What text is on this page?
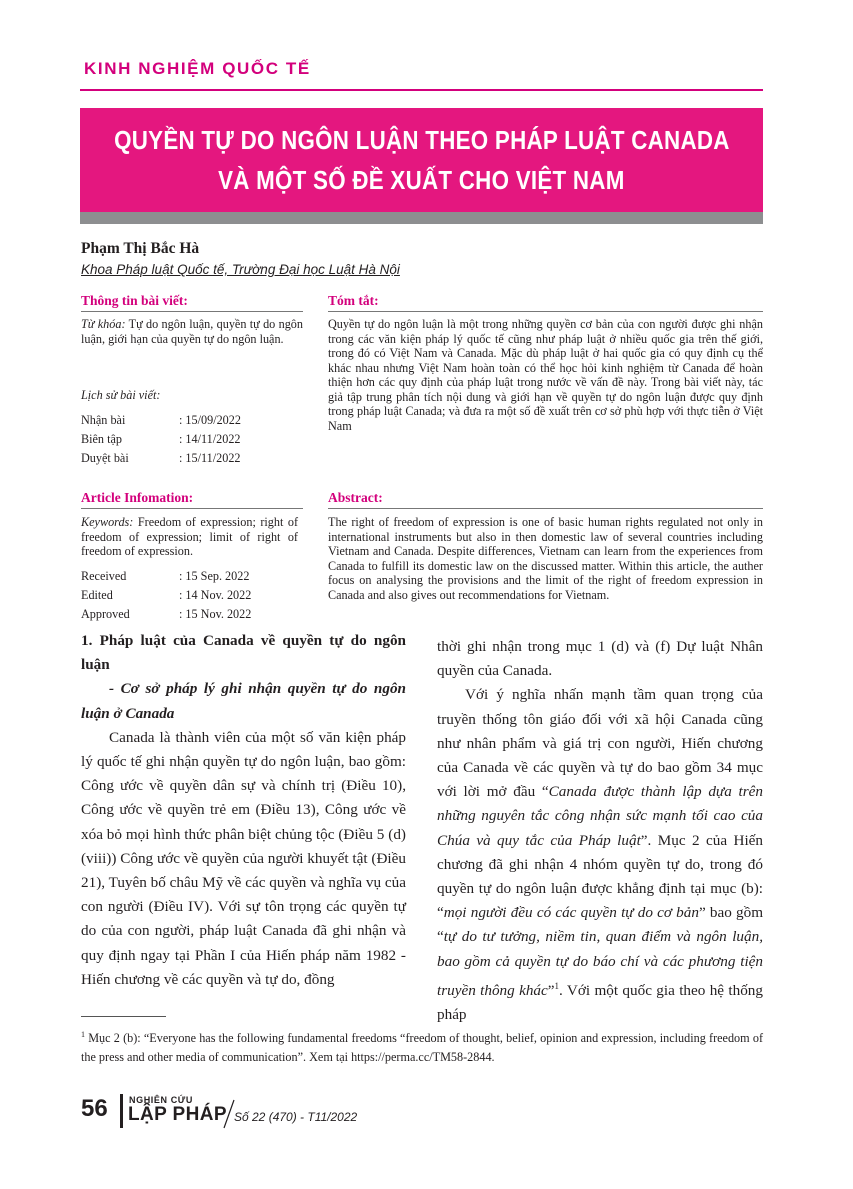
KINH NGHIỆM QUỐC TẾ
QUYỀN TỰ DO NGÔN LUẬN THEO PHÁP LUẬT CANADA
VÀ MỘT SỐ ĐỀ XUẤT CHO VIỆT NAM
Phạm Thị Bắc Hà
Khoa Pháp luật Quốc tế, Trường Đại học Luật Hà Nội
Thông tin bài viết:
Từ khóa: Tự do ngôn luận, quyền tự do ngôn luận, giới hạn của quyền tự do ngôn luận.
Lịch sử bài viết:
Nhận bài	: 15/09/2022
Biên tập	: 14/11/2022
Duyệt bài	: 15/11/2022
Tóm tắt:
Quyền tự do ngôn luận là một trong những quyền cơ bản của con người được ghi nhận trong các văn kiện pháp lý quốc tế cũng như pháp luật ở nhiều quốc gia trên thế giới, trong đó có Việt Nam và Canada. Mặc dù pháp luật ở hai quốc gia có quy định cụ thể khác nhau nhưng Việt Nam hoàn toàn có thể học hỏi kinh nghiệm từ Canada để hoàn thiện hơn các quy định của pháp luật trong nước về vấn đề này. Trong bài viết này, tác giả tập trung phân tích nội dung và giới hạn về quyền tự do ngôn luận được quy định trong pháp luật Canada; và đưa ra một số đề xuất trên cơ sở phù hợp với thực tiễn ở Việt Nam
Article Infomation:
Keywords: Freedom of expression; right of freedom of expression; limit of right of freedom of expression.
Received	: 15 Sep. 2022
Edited	: 14 Nov. 2022
Approved	: 15 Nov. 2022
Abstract:
The right of freedom of expression is one of basic human rights regulated not only in international instruments but also in then domestic law of several countries including Vietnam and Canada. Despite differences, Vietnam can learn from the experiences from Canada to fulfill its domestic law on the discussed matter. Within this article, the auther focus on analysing the provisions and the limit of the right of freedom expression in Canada and also gives out recommendations for Vietnam.

1. Pháp luật của Canada về quyền tự do ngôn luận

- Cơ sở pháp lý ghi nhận quyền tự do ngôn luận ở Canada

Canada là thành viên của một số văn kiện pháp lý quốc tế ghi nhận quyền tự do ngôn luận, bao gồm: Công ước về quyền dân sự và chính trị (Điều 10), Công ước về quyền trẻ em (Điều 13), Công ước về xóa bỏ mọi hình thức phân biệt chủng tộc (Điều 5 (d) (viii)) Công ước về quyền của người khuyết tật (Điều 21), Tuyên bố châu Mỹ về các quyền và nghĩa vụ của con người (Điều IV). Với sự tôn trọng các quyền tự do của con người, pháp luật Canada đã ghi nhận và quy định ngay tại Phần I của Hiến pháp năm 1982 - Hiến chương về các quyền và tự do, đồng

thời ghi nhận trong mục 1 (d) và (f) Dự luật Nhân quyền của Canada.

Với ý nghĩa nhấn mạnh tầm quan trọng của truyền thống tôn giáo đối với xã hội Canada cũng như nhân phẩm và giá trị con người, Hiến chương của Canada về các quyền và tự do bao gồm 34 mục với lời mở đầu “Canada được thành lập dựa trên những nguyên tắc công nhận sức mạnh tối cao của Chúa và quy tắc của Pháp luật”. Mục 2 của Hiến chương đã ghi nhận 4 nhóm quyền tự do, trong đó quyền tự do ngôn luận được khẳng định tại mục (b): “mọi người đều có các quyền tự do cơ bản” bao gồm “tự do tư tưởng, niềm tin, quan điểm và ngôn luận, bao gồm cả quyền tự do báo chí và các phương tiện truyền thông khác”$^1$. Với một quốc gia theo hệ thống pháp

$^1$ Mục 2 (b): “Everyone has the following fundamental freedoms “freedom of thought, belief, opinion and expression, including freedom of the press and other media of communication”. Xem tại https://perma.cc/TM58-2844.
56 NGHIÊN CỨU
LẬP PHÁP Số 22 (470) - T11/2022
